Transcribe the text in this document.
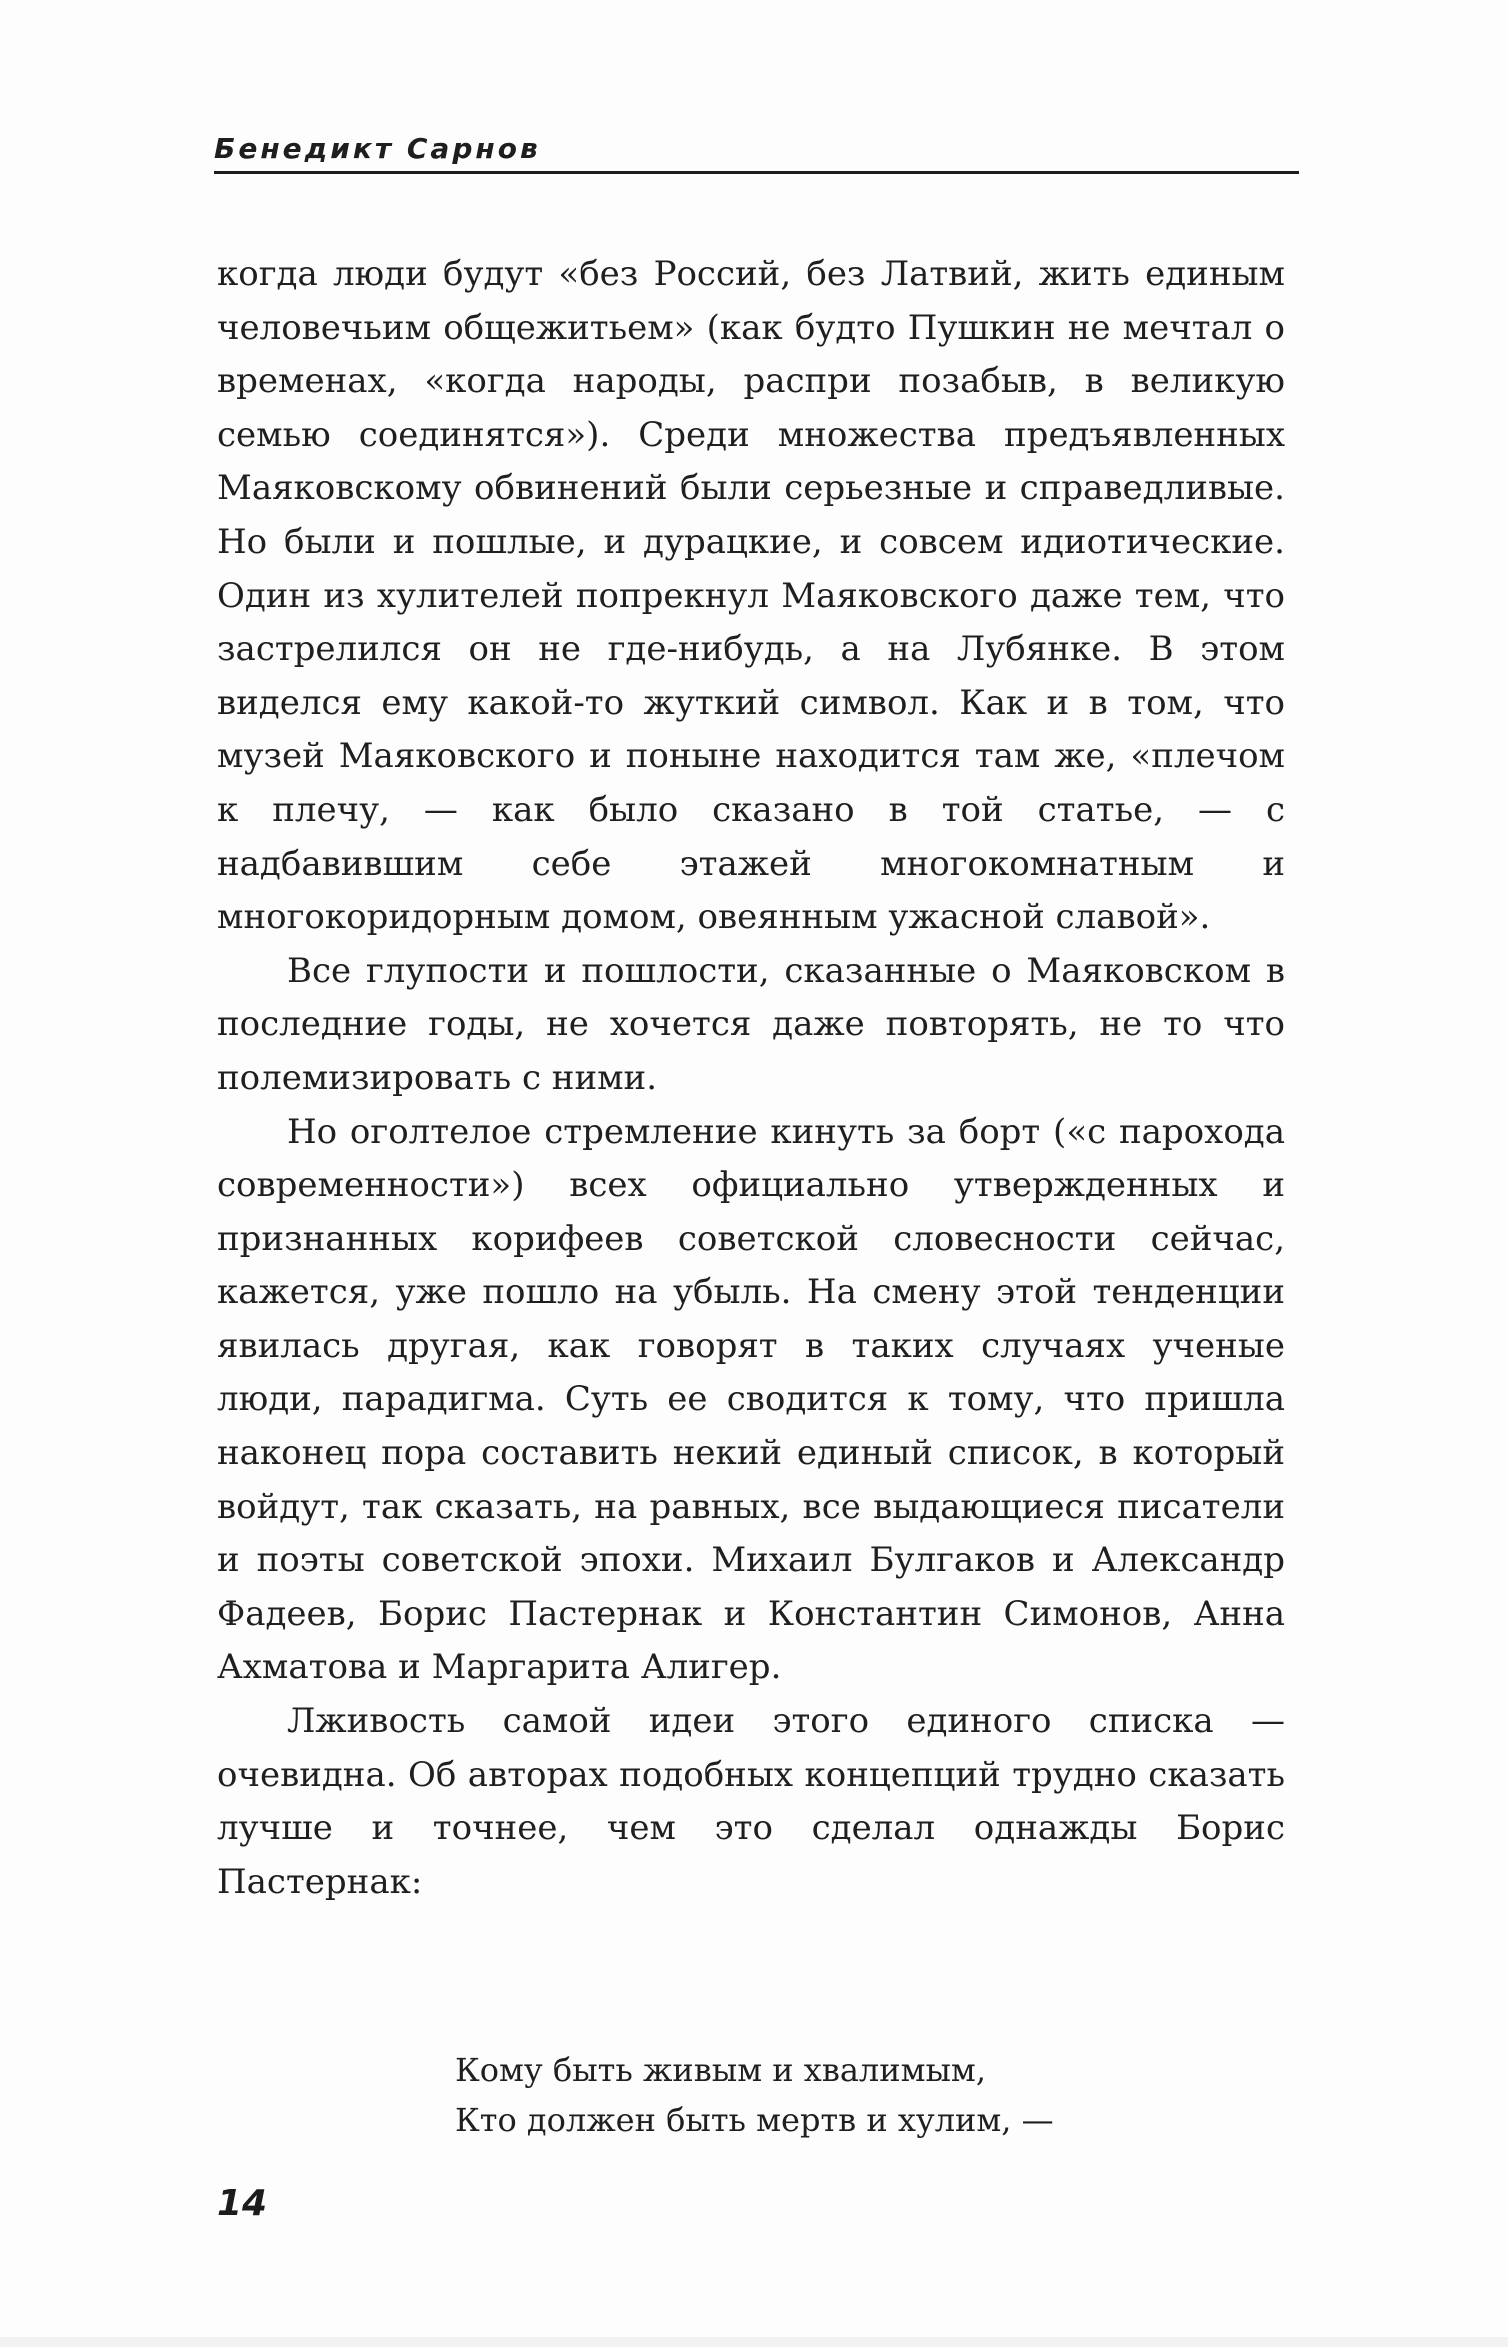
Бенедикт Сарнов

когда люди будут «без Россий, без Латвий, жить единым человечьим общежитьем» (как будто Пушкин не мечтал о временах, «когда народы, распри позабыв, в великую семью соединятся»). Среди множества предъявленных Маяковскому обвинений были серьезные и справедливые. Но были и пошлые, и дурацкие, и совсем идиотические. Один из хулителей попрекнул Маяковского даже тем, что застрелился он не где-нибудь, а на Лубянке. В этом виделся ему какой-то жуткий символ. Как и в том, что музей Маяковского и поныне находится там же, «плечом к плечу, — как было сказано в той статье, — с надбавившим себе этажей многокомнатным и многокоридорным домом, овеянным ужасной славой».

Все глупости и пошлости, сказанные о Маяковском в последние годы, не хочется даже повторять, не то что полемизировать с ними.

Но оголтелое стремление кинуть за борт («с парохода современности») всех официально утвержденных и признанных корифеев советской словесности сейчас, кажется, уже пошло на убыль. На смену этой тенденции явилась другая, как говорят в таких случаях ученые люди, парадигма. Суть ее сводится к тому, что пришла наконец пора составить некий единый список, в который войдут, так сказать, на равных, все выдающиеся писатели и поэты советской эпохи. Михаил Булгаков и Александр Фадеев, Борис Пастернак и Константин Симонов, Анна Ахматова и Маргарита Алигер.

Лживость самой идеи этого единого списка — очевидна. Об авторах подобных концепций трудно сказать лучше и точнее, чем это сделал однажды Борис Пастернак:

Кому быть живым и хвалимым,
Кто должен быть мертв и хулим, —
14
